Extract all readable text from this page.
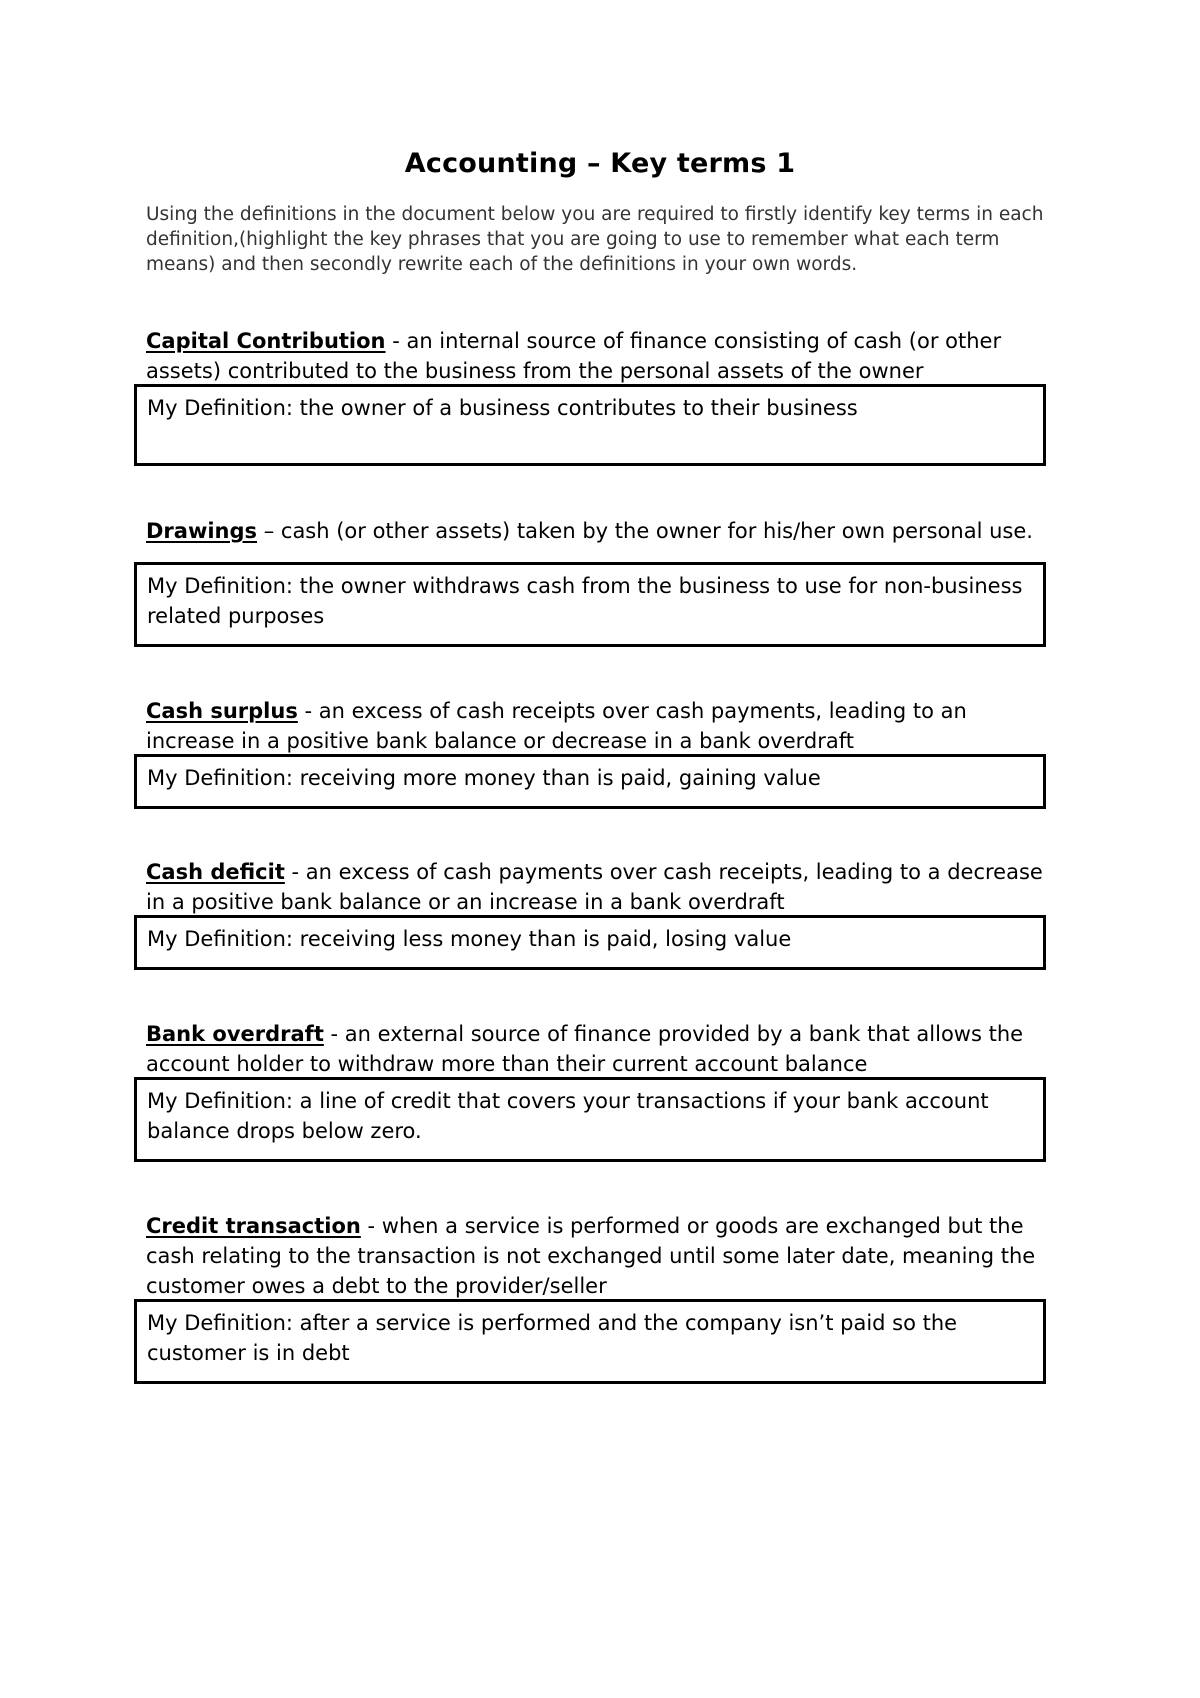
Accounting – Key terms 1
Using the definitions in the document below you are required to firstly identify key terms in each definition,(highlight the key phrases that you are going to use to remember what each term means) and then secondly rewrite each of the definitions in your own words.
Capital Contribution - an internal source of finance consisting of cash (or other assets) contributed to the business from the personal assets of the owner
My Definition: the owner of a business contributes to their business
Drawings – cash (or other assets) taken by the owner for his/her own personal use.
My Definition: the owner withdraws cash from the business to use for non-business related purposes
Cash surplus - an excess of cash receipts over cash payments, leading to an increase in a positive bank balance or decrease in a bank overdraft
My Definition: receiving more money than is paid, gaining value
Cash deficit - an excess of cash payments over cash receipts, leading to a decrease in a positive bank balance or an increase in a bank overdraft
My Definition: receiving less money than is paid, losing value
Bank overdraft - an external source of finance provided by a bank that allows the account holder to withdraw more than their current account balance
My Definition: a line of credit that covers your transactions if your bank account balance drops below zero.
Credit transaction - when a service is performed or goods are exchanged but the cash relating to the transaction is not exchanged until some later date, meaning the customer owes a debt to the provider/seller
My Definition: after a service is performed and the company isn’t paid so the customer is in debt
